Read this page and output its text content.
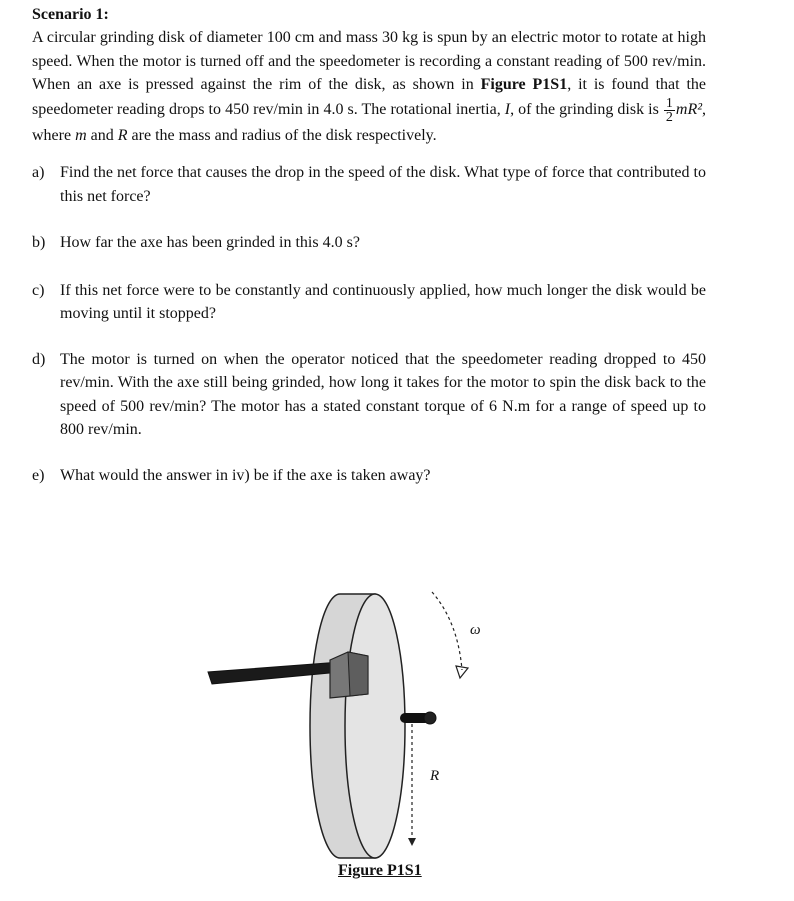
Scenario 1:

A circular grinding disk of diameter 100 cm and mass 30 kg is spun by an electric motor to rotate at high speed. When the motor is turned off and the speedometer is recording a constant reading of 500 rev/min. When an axe is pressed against the rim of the disk, as shown in Figure P1S1, it is found that the speedometer reading drops to 450 rev/min in 4.0 s. The rotational inertia, I, of the grinding disk is $\frac{1}{2} mR^2$, where m and R are the mass and radius of the disk respectively.

a) Find the net force that causes the drop in the speed of the disk. What type of force that contributed to this net force?
b) How far the axe has been grinded in this 4.0 s?
c) If this net force were to be constantly and continuously applied, how much longer the disk would be moving until it stopped?
d) The motor is turned on when the operator noticed that the speedometer reading dropped to 450 rev/min. With the axe still being grinded, how long it takes for the motor to spin the disk back to the speed of 500 rev/min? The motor has a stated constant torque of 6 N.m for a range of speed up to 800 rev/min.
e) What would the answer in iv) be if the axe is taken away?
R
ω
Figure P1S1
